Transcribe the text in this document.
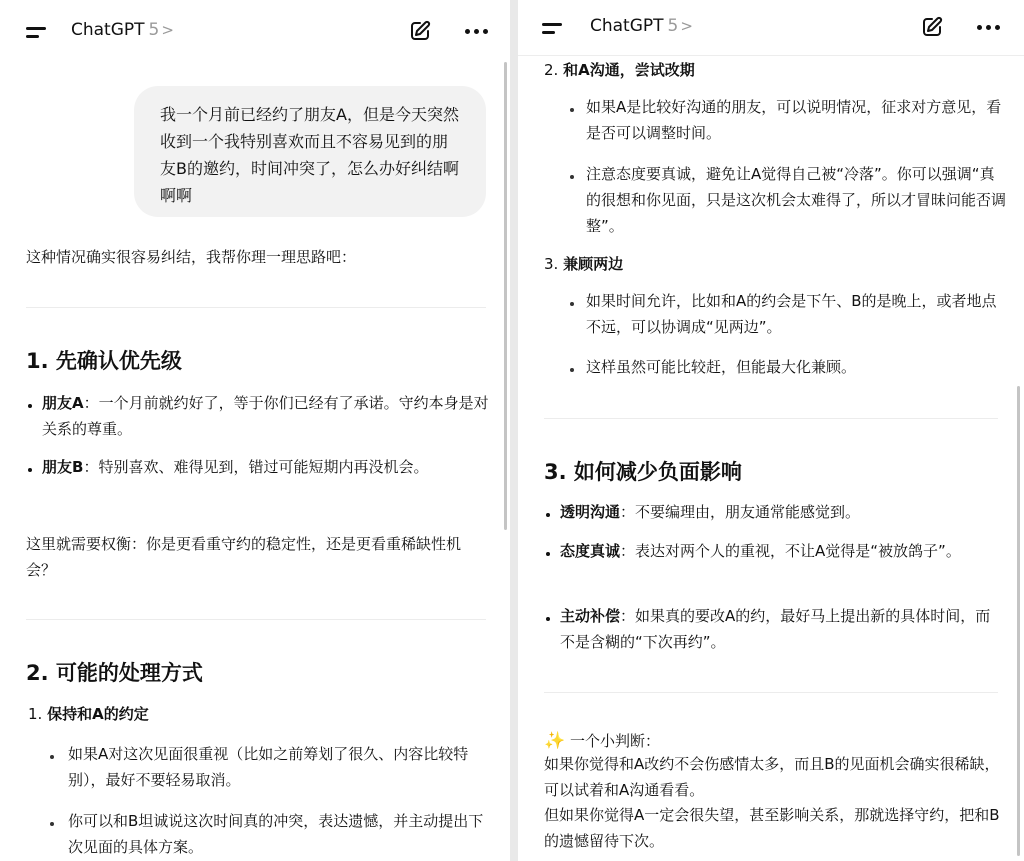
ChatGPT 5 >
我一个月前已经约了朋友A，但是今天突然收到一个我特别喜欢而且不容易见到的朋友B的邀约，时间冲突了，怎么办好纠结啊啊啊
这种情况确实很容易纠结，我帮你理一理思路吧：
1. 先确认优先级
朋友A：一个月前就约好了，等于你们已经有了承诺。守约本身是对关系的尊重。
朋友B：特别喜欢、难得见到，错过可能短期内再没机会。
这里就需要权衡：你是更看重守约的稳定性，还是更看重稀缺性机会？
2. 可能的处理方式
1. 保持和A的约定
如果A对这次见面很重视（比如之前筹划了很久、内容比较特别），最好不要轻易取消。
你可以和B坦诚说这次时间真的冲突，表达遗憾，并主动提出下次见面的具体方案。
ChatGPT 5 >
2. 和A沟通，尝试改期
如果A是比较好沟通的朋友，可以说明情况，征求对方意见，看是否可以调整时间。
注意态度要真诚，避免让A觉得自己被“冷落”。你可以强调“真的很想和你见面，只是这次机会太难得了，所以才冒昧问能否调整”。
3. 兼顾两边
如果时间允许，比如和A的约会是下午、B的是晚上，或者地点不远，可以协调成“见两边”。
这样虽然可能比较赶，但能最大化兼顾。
3. 如何减少负面影响
透明沟通：不要编理由，朋友通常能感觉到。
态度真诚：表达对两个人的重视，不让A觉得是“被放鸽子”。
主动补偿：如果真的要改A的约，最好马上提出新的具体时间，而不是含糊的“下次再约”。
✨ 一个小判断：
如果你觉得和A改约不会伤感情太多，而且B的见面机会确实很稀缺，可以试着和A沟通看看。
但如果你觉得A一定会很失望，甚至影响关系，那就选择守约，把和B的遗憾留待下次。
